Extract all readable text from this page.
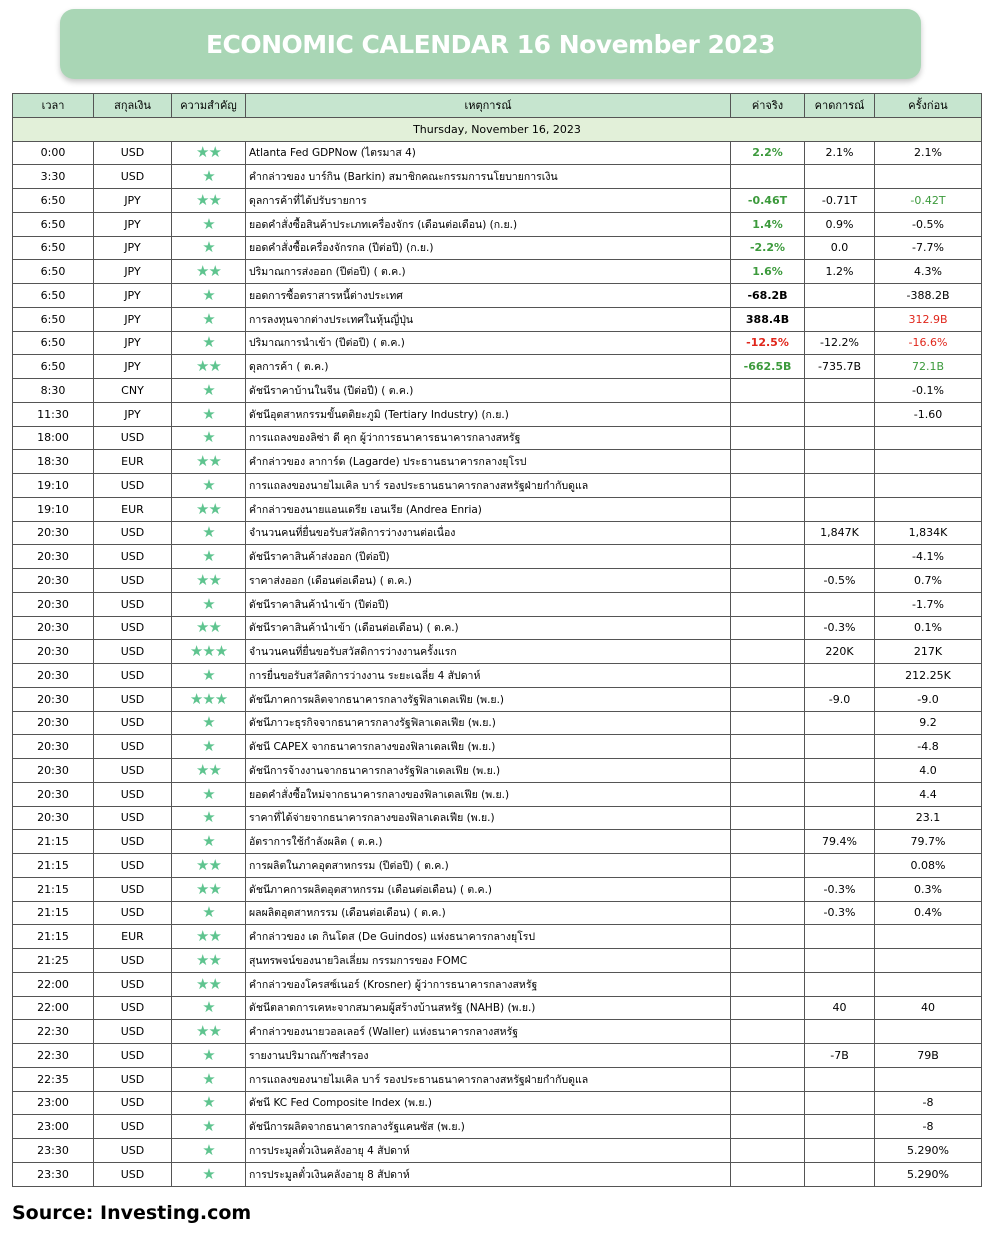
ECONOMIC CALENDAR 16 November 2023
เวลา	สกุลเงิน	ความสำคัญ	เหตุการณ์	ค่าจริง	คาดการณ์	ครั้งก่อน
Thursday, November 16, 2023						
0:00	USD	★★	Atlanta Fed GDPNow (ไตรมาส 4)	2.2%	2.1%	2.1%
3:30	USD	★	คำกล่าวของ บาร์กิน (Barkin) สมาชิกคณะกรรมการนโยบายการเงิน			
6:50	JPY	★★	ดุลการค้าที่ได้ปรับรายการ	-0.46T	-0.71T	-0.42T
6:50	JPY	★	ยอดคำสั่งซื้อสินค้าประเภทเครื่องจักร (เดือนต่อเดือน) (ก.ย.)	1.4%	0.9%	-0.5%
6:50	JPY	★	ยอดคำสั่งซื้อเครื่องจักรกล (ปีต่อปี) (ก.ย.)	-2.2%	0.0	-7.7%
6:50	JPY	★★	ปริมาณการส่งออก (ปีต่อปี) ( ต.ค.)	1.6%	1.2%	4.3%
6:50	JPY	★	ยอดการซื้อตราสารหนี้ต่างประเทศ	-68.2B		-388.2B
6:50	JPY	★	การลงทุนจากต่างประเทศในหุ้นญี่ปุ่น	388.4B		312.9B
6:50	JPY	★	ปริมาณการนำเข้า (ปีต่อปี) ( ต.ค.)	-12.5%	-12.2%	-16.6%
6:50	JPY	★★	ดุลการค้า ( ต.ค.)	-662.5B	-735.7B	72.1B
8:30	CNY	★	ดัชนีราคาบ้านในจีน (ปีต่อปี) ( ต.ค.)			-0.1%
11:30	JPY	★	ดัชนีอุตสาหกรรมขั้นตติยะภูมิ (Tertiary Industry) (ก.ย.)			-1.60
18:00	USD	★	การแถลงของลิซ่า ดี คุก ผู้ว่าการธนาคารธนาคารกลางสหรัฐ			
18:30	EUR	★★	คำกล่าวของ ลาการ์ด (Lagarde) ประธานธนาคารกลางยุโรป			
19:10	USD	★	การแถลงของนายไมเคิล บาร์ รองประธานธนาคารกลางสหรัฐฝ่ายกำกับดูแล			
19:10	EUR	★★	คำกล่าวของนายแอนเดรีย เอนเรีย (Andrea Enria)			
20:30	USD	★	จำนวนคนที่ยื่นขอรับสวัสดิการว่างงานต่อเนื่อง		1,847K	1,834K
20:30	USD	★	ดัชนีราคาสินค้าส่งออก (ปีต่อปี)			-4.1%
20:30	USD	★★	ราคาส่งออก (เดือนต่อเดือน) ( ต.ค.)		-0.5%	0.7%
20:30	USD	★	ดัชนีราคาสินค้านำเข้า (ปีต่อปี)			-1.7%
20:30	USD	★★	ดัชนีราคาสินค้านำเข้า (เดือนต่อเดือน) ( ต.ค.)		-0.3%	0.1%
20:30	USD	★★★	จำนวนคนที่ยื่นขอรับสวัสดิการว่างงานครั้งแรก		220K	217K
20:30	USD	★	การยื่นขอรับสวัสดิการว่างงาน ระยะเฉลี่ย 4 สัปดาห์			212.25K
20:30	USD	★★★	ดัชนีภาคการผลิตจากธนาคารกลางรัฐฟิลาเดลเฟีย (พ.ย.)		-9.0	-9.0
20:30	USD	★	ดัชนีภาวะธุรกิจจากธนาคารกลางรัฐฟิลาเดลเฟีย (พ.ย.)			9.2
20:30	USD	★	ดัชนี CAPEX จากธนาคารกลางของฟิลาเดลเฟีย (พ.ย.)			-4.8
20:30	USD	★★	ดัชนีการจ้างงานจากธนาคารกลางรัฐฟิลาเดลเฟีย (พ.ย.)			4.0
20:30	USD	★	ยอดคำสั่งซื้อใหม่จากธนาคารกลางของฟิลาเดลเฟีย (พ.ย.)			4.4
20:30	USD	★	ราคาที่ได้จ่ายจากธนาคารกลางของฟิลาเดลเฟีย (พ.ย.)			23.1
21:15	USD	★	อัตราการใช้กำลังผลิต ( ต.ค.)		79.4%	79.7%
21:15	USD	★★	การผลิตในภาคอุตสาหกรรม (ปีต่อปี) ( ต.ค.)			0.08%
21:15	USD	★★	ดัชนีภาคการผลิตอุตสาหกรรม (เดือนต่อเดือน) ( ต.ค.)		-0.3%	0.3%
21:15	USD	★	ผลผลิตอุตสาหกรรม (เดือนต่อเดือน) ( ต.ค.)		-0.3%	0.4%
21:15	EUR	★★	คำกล่าวของ เด กินโดส (De Guindos) แห่งธนาคารกลางยุโรป			
21:25	USD	★★	สุนทรพจน์ของนายวิลเลี่ยม กรรมการของ FOMC			
22:00	USD	★★	คำกล่าวของโครสซ์เนอร์ (Krosner) ผู้ว่าการธนาคารกลางสหรัฐ			
22:00	USD	★	ดัชนีตลาดการเคหะจากสมาคมผู้สร้างบ้านสหรัฐ (NAHB) (พ.ย.)		40	40
22:30	USD	★★	คำกล่าวของนายวอลเลอร์ (Waller) แห่งธนาคารกลางสหรัฐ			
22:30	USD	★	รายงานปริมาณก๊าซสำรอง		-7B	79B
22:35	USD	★	การแถลงของนายไมเคิล บาร์ รองประธานธนาคารกลางสหรัฐฝ่ายกำกับดูแล			
23:00	USD	★	ดัชนี KC Fed Composite Index (พ.ย.)			-8
23:00	USD	★	ดัชนีการผลิตจากธนาคารกลางรัฐแคนซัส (พ.ย.)			-8
23:30	USD	★	การประมูลตั๋วเงินคลังอายุ 4 สัปดาห์			5.290%
23:30	USD	★	การประมูลตั๋วเงินคลังอายุ 8 สัปดาห์			5.290%
Source: Investing.com
